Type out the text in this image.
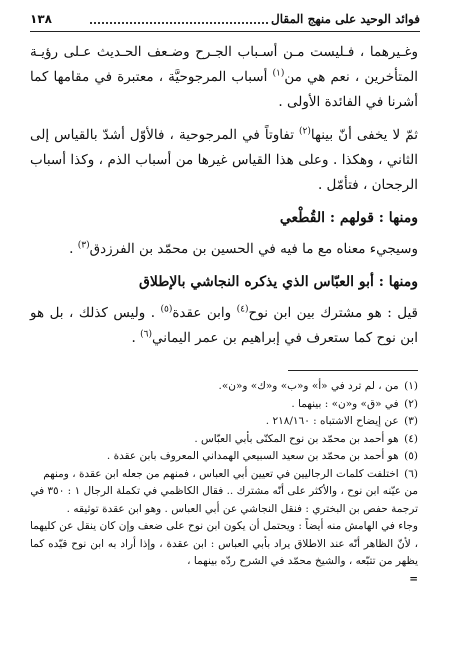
فوائد الوحيد على منهج المقال
١٣٨

وغـيرهما ، فـليست مـن أسـباب الجـرح وضـعف الحـديث عـلى رؤيـة المتأخرين ، نعم هي من$^{(١)}$ أسباب المرجوحيَّة ، معتبرة في مقامها كما أشرنا في الفائدة الأولى .

ثمّ لا يخفى أنّ بينها$^{(٢)}$ تفاوتاً في المرجوحية ، فالأوّل أشدّ بالقياس إلى الثاني ، وهكذا . وعلى هذا القياس غيرها من أسباب الذم ، وكذا أسباب الرجحان ، فتأمّل .

ومنها : قولهم : القُطْعي

وسيجيء معناه مع ما فيه في الحسين بن محمّد بن الفرزدق$^{(٣)}$ .

ومنها : أبو العبّاس الذي يذكره النجاشي بالإطلاق

قيل : هو مشترك بين ابن نوح$^{(٤)}$ وابن عقدة$^{(٥)}$ . وليس كذلك ، بل هو ابن نوح كما ستعرف في إبراهيم بن عمر اليماني$^{(٦)}$ .

(١) من ، لم ترد في «أ» و«ب» و«ك» و«ن».

(٢) في «ق» و«ن» : بينهما .

(٣) عن إيضاح الاشتباه : ٢١٨/١٦٠ .

(٤) هو أحمد بن محمّد بن نوح المكنّى بأبي العبّاس .

(٥) هو أحمد بن محمّد بن سعيد السبيعي الهمداني المعروف بابن عقدة .

(٦) اختلفت كلمات الرجاليين في تعيين أبي العباس ، فمنهم من جعله ابن عقدة ، ومنهم من عيّنه ابن نوح ، والأكثر على أنّه مشترك .. فقال الكاظمي في تكملة الرجال ١ : ٣٥٠ في ترجمة حفص بن البختري : فنقل النجاشي عن أبي العباس . وهو ابن عقدة توثيقه .

وجاء في الهامش منه أيضاً : ويحتمل أن يكون ابن نوح على ضعف وإن كان ينقل عن كليهما ، لأنّ الظاهر أنّه عند الاطلاق يراد بأبي العباس : ابن عقدة ، وإذا أراد به ابن نوح قيّده كما يظهر من تتبّعه ، والشيخ محمّد في الشرح ردّه بينهما ،
=
